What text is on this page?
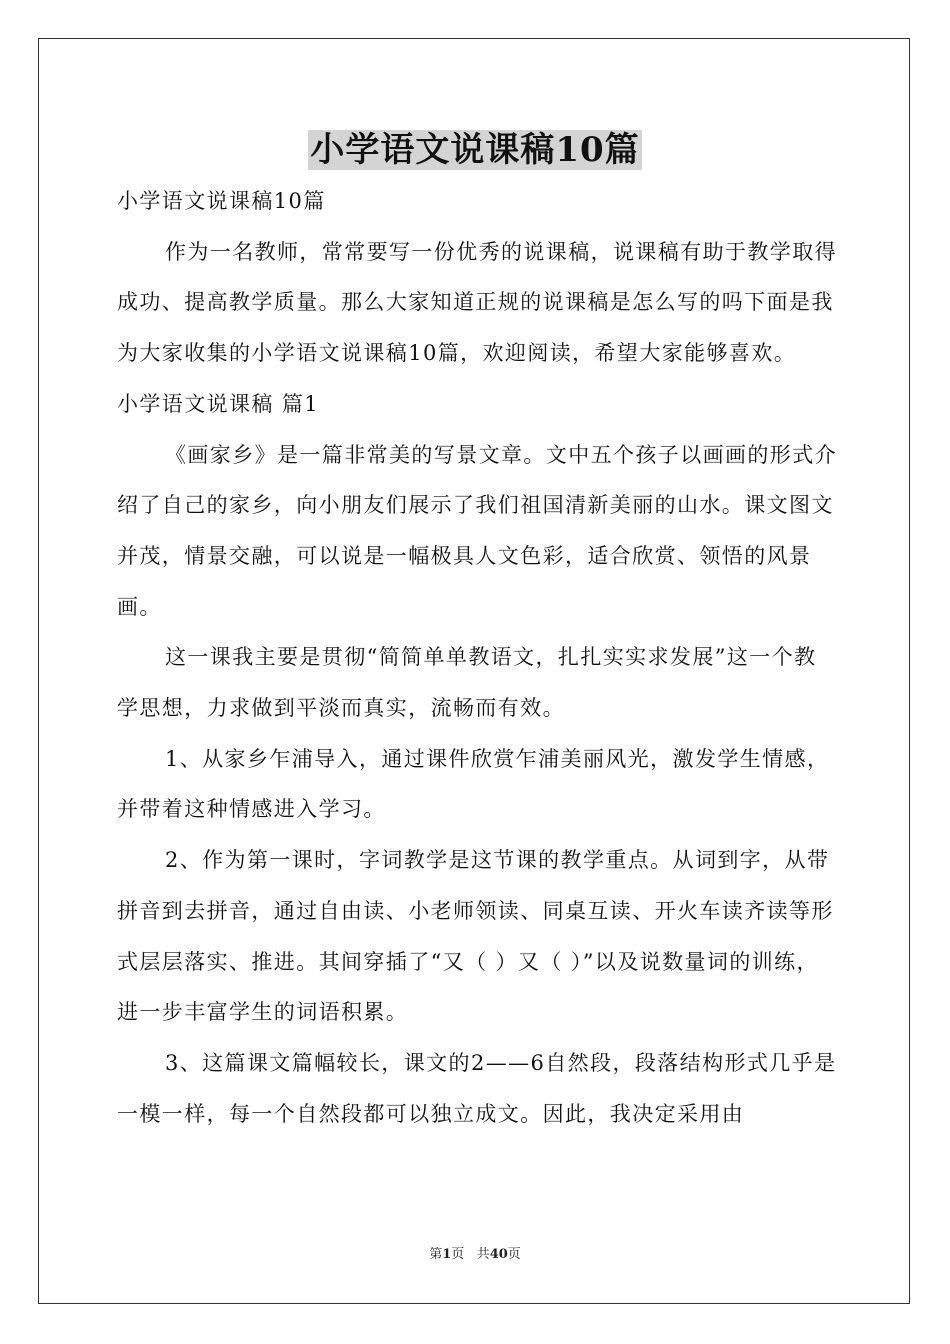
小学语文说课稿10篇

小学语文说课稿10篇

作为一名教师，常常要写一份优秀的说课稿，说课稿有助于教学取得成功、提高教学质量。那么大家知道正规的说课稿是怎么写的吗下面是我为大家收集的小学语文说课稿10篇，欢迎阅读，希望大家能够喜欢。

小学语文说课稿 篇1

《画家乡》是一篇非常美的写景文章。文中五个孩子以画画的形式介绍了自己的家乡，向小朋友们展示了我们祖国清新美丽的山水。课文图文并茂，情景交融，可以说是一幅极具人文色彩，适合欣赏、领悟的风景画。

这一课我主要是贯彻“简简单单教语文，扎扎实实求发展”这一个教学思想，力求做到平淡而真实，流畅而有效。

1、从家乡乍浦导入，通过课件欣赏乍浦美丽风光，激发学生情感，并带着这种情感进入学习。

2、作为第一课时，字词教学是这节课的教学重点。从词到字，从带拼音到去拼音，通过自由读、小老师领读、同桌互读、开火车读齐读等形式层层落实、推进。其间穿插了“又（ ）又（ ）”以及说数量词的训练，进一步丰富学生的词语积累。

3、这篇课文篇幅较长，课文的2——6自然段，段落结构形式几乎是一模一样，每一个自然段都可以独立成文。因此，我决定采用由

第1页 共40页
